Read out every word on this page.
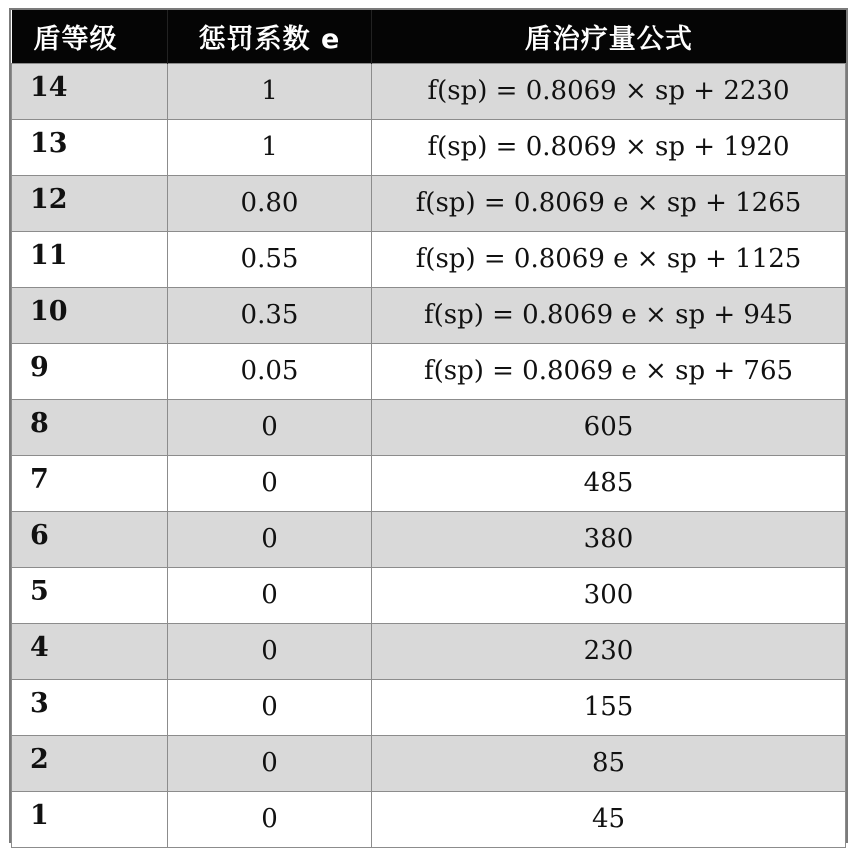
盾等级	惩罚系数 e	盾治疗量公式
14	1	f(sp) = 0.8069 × sp + 2230
13	1	f(sp) = 0.8069 × sp + 1920
12	0.80	f(sp) = 0.8069 e × sp + 1265
11	0.55	f(sp) = 0.8069 e × sp + 1125
10	0.35	f(sp) = 0.8069 e × sp + 945
9	0.05	f(sp) = 0.8069 e × sp + 765
8	0	605
7	0	485
6	0	380
5	0	300
4	0	230
3	0	155
2	0	85
1	0	45
